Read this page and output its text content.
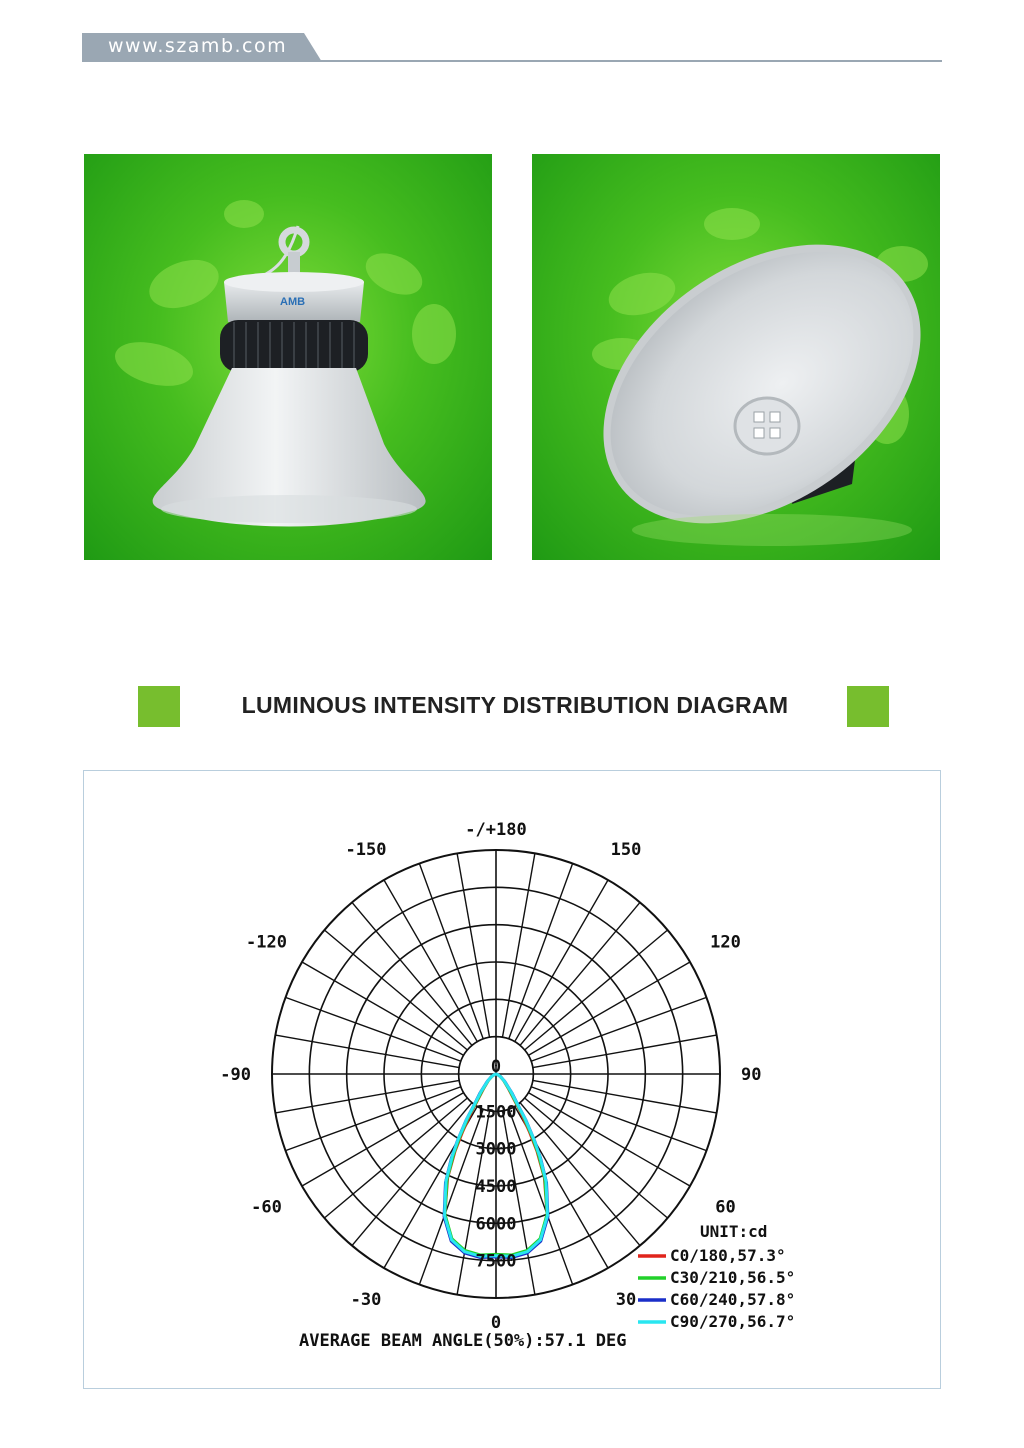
www.szamb.com
AMB
LUMINOUS INTENSITY DISTRIBUTION DIAGRAM
-/+180
-150	150
-120	120
-90	90
-60	60
-30	30
0
0
1500
3000
4500
6000
7500
UNIT:cd
C0/180,57.3°
C30/210,56.5°
C60/240,57.8°
C90/270,56.7°
AVERAGE BEAM ANGLE(50%):57.1 DEG
